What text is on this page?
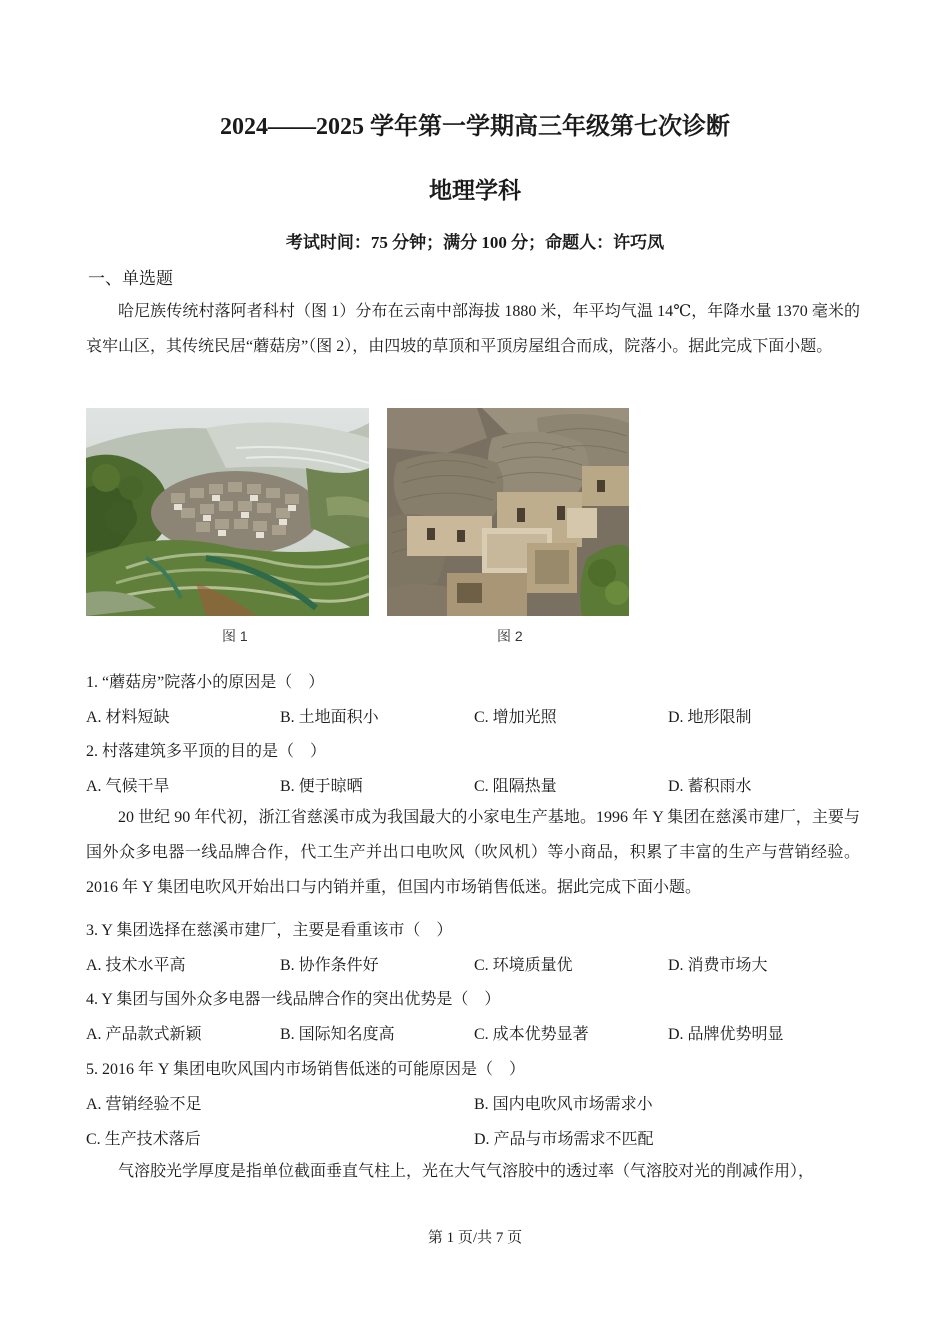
2024——2025 学年第一学期高三年级第七次诊断
地理学科
考试时间：75 分钟；满分 100 分；命题人：许巧凤
一、单选题
哈尼族传统村落阿者科村（图 1）分布在云南中部海拔 1880 米，年平均气温 14℃，年降水量 1370 毫米的哀牢山区，其传统民居“蘑菇房”（图 2），由四坡的草顶和平顶房屋组合而成，院落小。据此完成下面小题。
图 1	图 2
1. “蘑菇房”院落小的原因是（　）
A. 材料短缺	B. 土地面积小	C. 增加光照	D. 地形限制
2. 村落建筑多平顶的目的是（　）
A. 气候干旱	B. 便于晾晒	C. 阻隔热量	D. 蓄积雨水
20 世纪 90 年代初，浙江省慈溪市成为我国最大的小家电生产基地。1996 年 Y 集团在慈溪市建厂，主要与国外众多电器一线品牌合作，代工生产并出口电吹风（吹风机）等小商品，积累了丰富的生产与营销经验。2016 年 Y 集团电吹风开始出口与内销并重，但国内市场销售低迷。据此完成下面小题。
3. Y 集团选择在慈溪市建厂，主要是看重该市（　）
A. 技术水平高	B. 协作条件好	C. 环境质量优	D. 消费市场大
4. Y 集团与国外众多电器一线品牌合作的突出优势是（　）
A. 产品款式新颖	B. 国际知名度高	C. 成本优势显著	D. 品牌优势明显
5. 2016 年 Y 集团电吹风国内市场销售低迷的可能原因是（　）
A. 营销经验不足	B. 国内电吹风市场需求小
C. 生产技术落后	D. 产品与市场需求不匹配
气溶胶光学厚度是指单位截面垂直气柱上，光在大气气溶胶中的透过率（气溶胶对光的削减作用），
第 1 页/共 7 页
